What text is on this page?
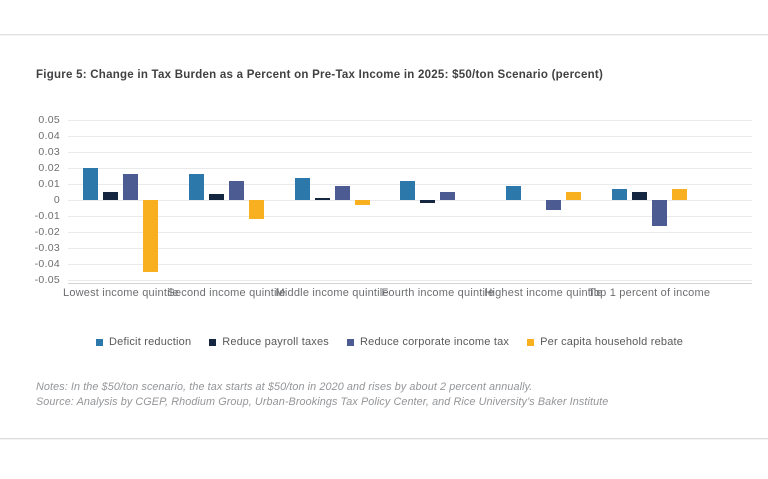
Figure 5: Change in Tax Burden as a Percent on Pre-Tax Income in 2025: $50/ton Scenario (percent)
0.05
0.04
0.03
0.02
0.01
0
-0.01
-0.02
-0.03
-0.04
-0.05
Lowest income quintile
Second income quintile
Middle income quintile
Fourth income quintile
Highest income quintile
Top 1 percent of income
Deficit reduction	Reduce payroll taxes	Reduce corporate income tax	Per capita household rebate
Notes: In the $50/ton scenario, the tax starts at $50/ton in 2020 and rises by about 2 percent annually.
Source: Analysis by CGEP, Rhodium Group, Urban-Brookings Tax Policy Center, and Rice University’s Baker Institute
